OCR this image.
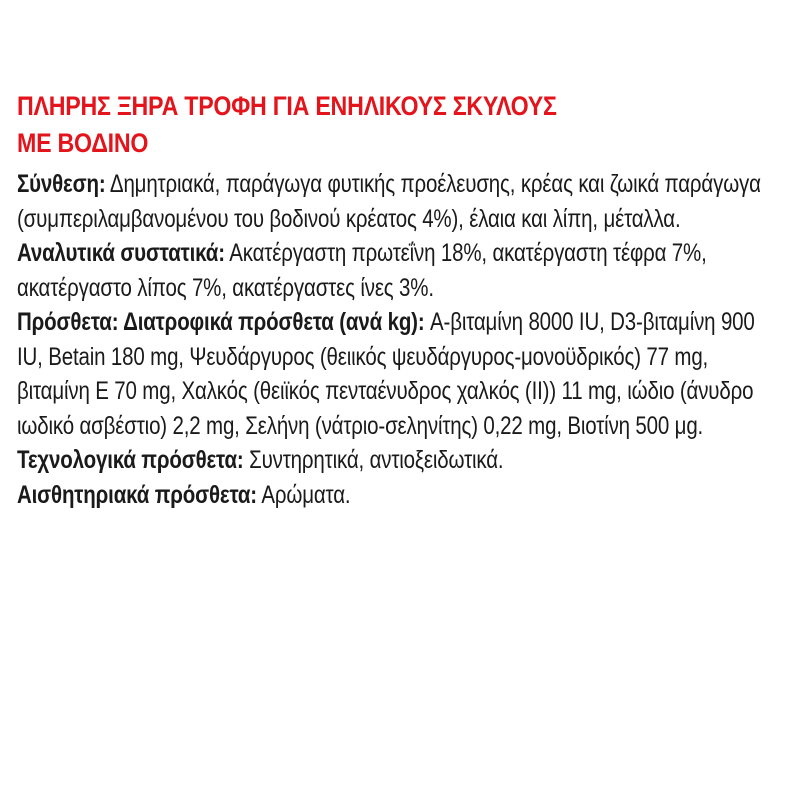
ΠΛΗΡΗΣ ΞΗΡΑ ΤΡΟΦΗ ΓΙΑ ΕΝΗΛΙΚΟΥΣ ΣΚΥΛΟΥΣ
ΜΕ ΒΟΔΙΝΟ

Σύνθεση: Δημητριακά, παράγωγα φυτικής προέλευσης, κρέας και ζωικά παράγωγα (συμπεριλαμβανομένου του βοδινού κρέατος 4%), έλαια και λίπη, μέταλλα.

Αναλυτικά συστατικά: Ακατέργαστη πρωτεΐνη 18%, ακατέργαστη τέφρα 7%, ακατέργαστο λίπος 7%, ακατέργαστες ίνες 3%.

Πρόσθετα: Διατροφικά πρόσθετα (ανά kg): A-βιταμίνη 8000 IU, D3-βιταμίνη 900 IU, Betain 180 mg, Ψευδάργυρος (θειικός ψευδάργυρος-μονοϋδρικός) 77 mg, βιταμίνη Ε 70 mg, Χαλκός (θειϊκός πενταένυδρος χαλκός (II)) 11 mg, ιώδιο (άνυδρο ιωδικό ασβέστιο) 2,2 mg, Σελήνη (νάτριο-σεληνίτης) 0,22 mg, Βιοτίνη 500 μg.

Τεχνολογικά πρόσθετα: Συντηρητικά, αντιοξειδωτικά.

Αισθητηριακά πρόσθετα: Αρώματα.
